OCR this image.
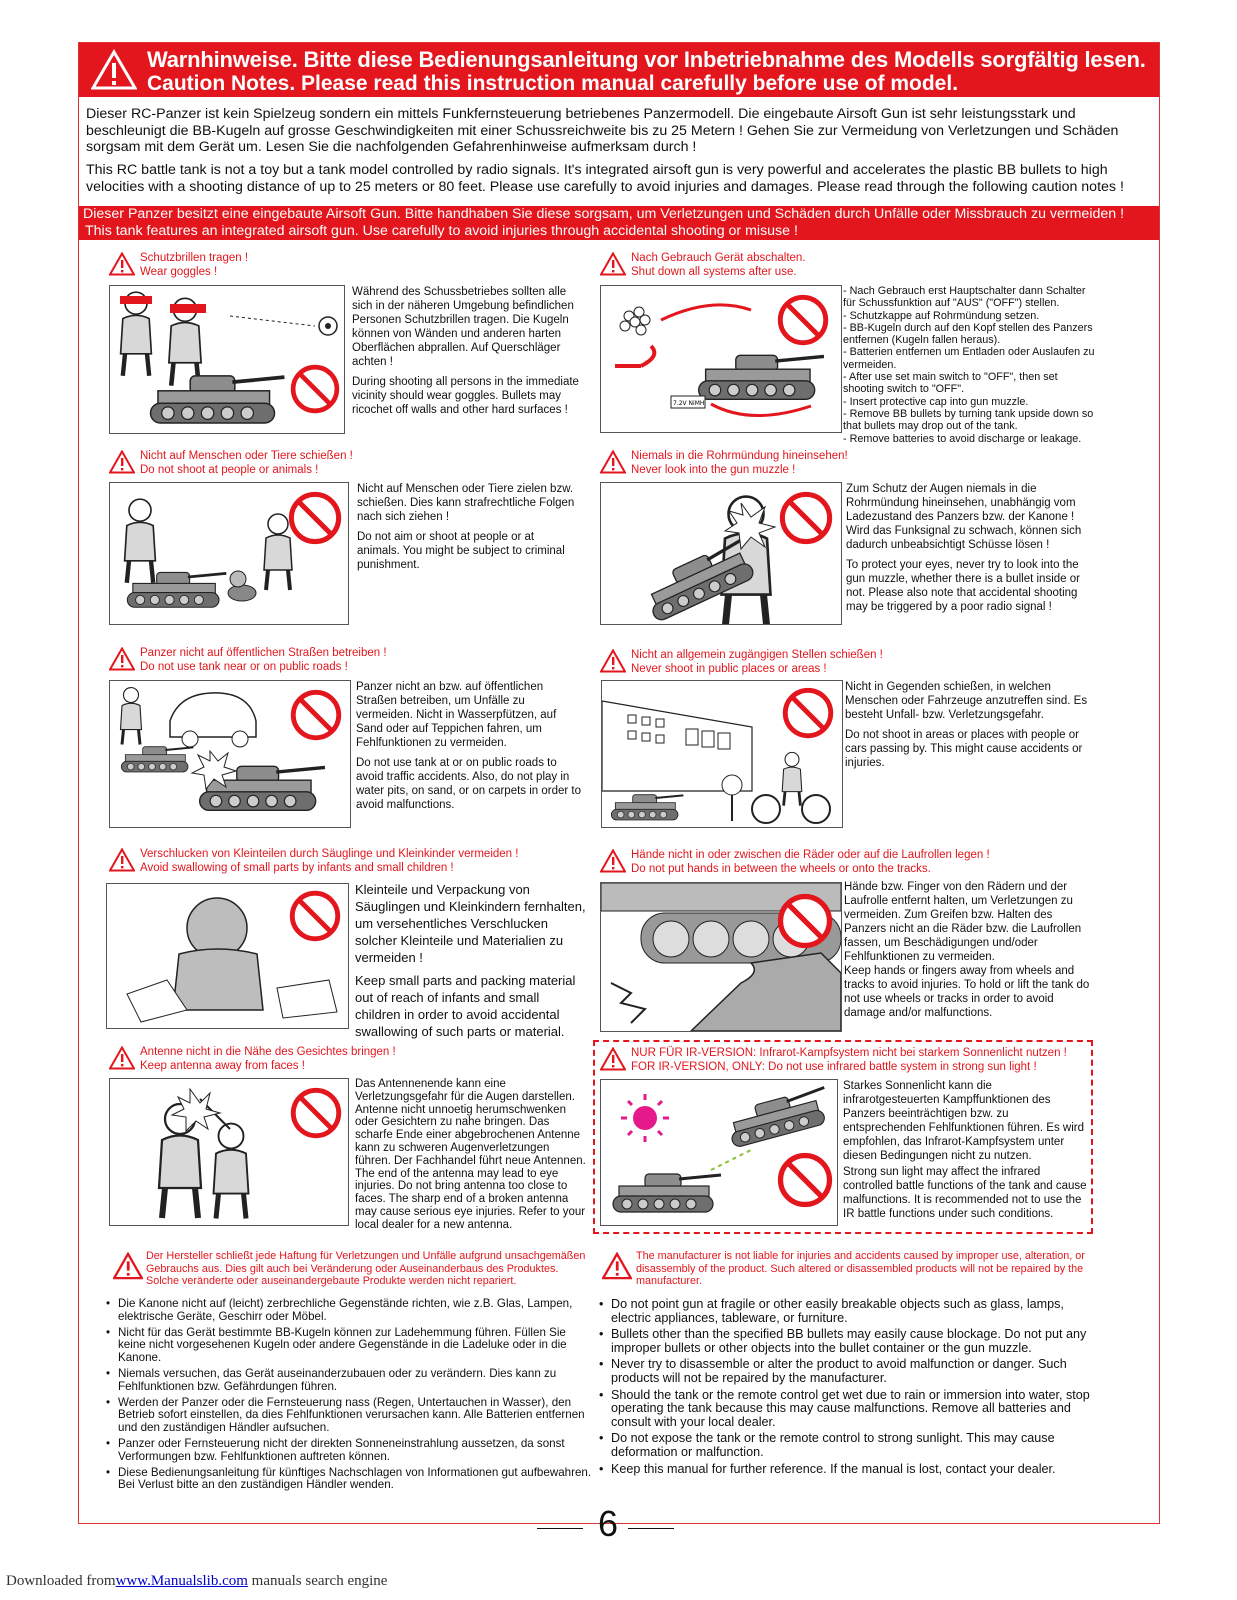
Warnhinweise. Bitte diese Bedienungsanleitung vor Inbetriebnahme des Modells sorgfältig lesen.
Caution Notes. Please read this instruction manual carefully before use of model.
Dieser RC-Panzer ist kein Spielzeug sondern ein mittels Funkfernsteuerung betriebenes Panzermodell. Die eingebaute Airsoft Gun ist sehr leistungsstark und beschleunigt die BB-Kugeln auf grosse Geschwindigkeiten mit einer Schussreichweite bis zu 25 Metern ! Gehen Sie zur Vermeidung von Verletzungen und Schäden sorgsam mit dem Gerät um. Lesen Sie die nachfolgenden Gefahrenhinweise aufmerksam durch !
This RC battle tank is not a toy but a tank model controlled by radio signals. It's integrated airsoft gun is very powerful and accelerates the plastic BB bullets to high velocities with a shooting distance of up to 25 meters or 80 feet. Please use carefully to avoid injuries and damages. Please read through the following caution notes !
Dieser Panzer besitzt eine eingebaute Airsoft Gun. Bitte handhaben Sie diese sorgsam, um Verletzungen und Schäden durch Unfälle oder Missbrauch zu vermeiden !
This tank features an integrated airsoft gun. Use carefully to avoid injuries through accidental shooting or misuse !
Schutzbrillen tragen !
Wear goggles !

Während des Schussbetriebes sollten alle sich in der näheren Umgebung befindlichen Personen Schutzbrillen tragen. Die Kugeln können von Wänden und anderen harten Oberflächen abprallen. Auf Querschläger achten !

During shooting all persons in the immediate vicinity should wear goggles. Bullets may ricochet off walls and other hard surfaces !

Nach Gebrauch Gerät abschalten.
Shut down all systems after use.
7.2V NiMH
- Nach Gebrauch erst Hauptschalter dann Schalter für Schussfunktion auf "AUS" ("OFF") stellen.
- Schutzkappe auf Rohrmündung setzen.
- BB-Kugeln durch auf den Kopf stellen des Panzers entfernen (Kugeln fallen heraus).
- Batterien entfernen um Entladen oder Auslaufen zu vermeiden.
- After use set main switch to "OFF", then set shooting switch to "OFF".
- Insert protective cap into gun muzzle.
- Remove BB bullets by turning tank upside down so that bullets may drop out of the tank.
- Remove batteries to avoid discharge or leakage.
Nicht auf Menschen oder Tiere schießen !
Do not shoot at people or animals !

Nicht auf Menschen oder Tiere zielen bzw. schießen. Dies kann strafrechtliche Folgen nach sich ziehen !

Do not aim or shoot at people or at animals. You might be subject to criminal punishment.

Niemals in die Rohrmündung hineinsehen!
Never look into the gun muzzle !

Zum Schutz der Augen niemals in die Rohrmündung hineinsehen, unabhängig vom Ladezustand des Panzers bzw. der Kanone ! Wird das Funksignal zu schwach, können sich dadurch unbeabsichtigt Schüsse lösen !

To protect your eyes, never try to look into the gun muzzle, whether there is a bullet inside or not. Please also note that accidental shooting may be triggered by a poor radio signal !

Panzer nicht auf öffentlichen Straßen betreiben !
Do not use tank near or on public roads !

Panzer nicht an bzw. auf öffentlichen Straßen betreiben, um Unfälle zu vermeiden. Nicht in Wasserpfützen, auf Sand oder auf Teppichen fahren, um Fehlfunktionen zu vermeiden.

Do not use tank at or on public roads to avoid traffic accidents. Also, do not play in water pits, on sand, or on carpets in order to avoid malfunctions.

Nicht an allgemein zugängigen Stellen schießen !
Never shoot in public places or areas !

Nicht in Gegenden schießen, in welchen Menschen oder Fahrzeuge anzutreffen sind. Es besteht Unfall- bzw. Verletzungsgefahr.

Do not shoot in areas or places with people or cars passing by. This might cause accidents or injuries.

Verschlucken von Kleinteilen durch Säuglinge und Kleinkinder vermeiden !
Avoid swallowing of small parts by infants and small children !

Kleinteile und Verpackung von Säuglingen und Kleinkindern fernhalten, um versehentliches Verschlucken solcher Kleinteile und Materialien zu vermeiden !

Keep small parts and packing material out of reach of infants and small children in order to avoid accidental swallowing of such parts or material.

Hände nicht in oder zwischen die Räder oder auf die Laufrollen legen !
Do not put hands in between the wheels or onto the tracks.

Hände bzw. Finger von den Rädern und der Laufrolle entfernt halten, um Verletzungen zu vermeiden. Zum Greifen bzw. Halten des Panzers nicht an die Räder bzw. die Laufrollen fassen, um Beschädigungen und/oder Fehlfunktionen zu vermeiden.

Keep hands or fingers away from wheels and tracks to avoid injuries. To hold or lift the tank do not use wheels or tracks in order to avoid damage and/or malfunctions.

Antenne nicht in die Nähe des Gesichtes bringen !
Keep antenna away from faces !
Das Antennenende kann eine Verletzungsgefahr für die Augen darstellen. Antenne nicht unnoetig herumschwenken oder Gesichtern zu nahe bringen. Das scharfe Ende einer abgebrochenen Antenne kann zu schweren Augenverletzungen führen. Der Fachhandel führt neue Antennen.
The end of the antenna may lead to eye injuries. Do not bring antenna too close to faces. The sharp end of a broken antenna may cause serious eye injuries. Refer to your local dealer for a new antenna.
NUR FÜR IR-VERSION: Infrarot-Kampfsystem nicht bei starkem Sonnenlicht nutzen !
FOR IR-VERSION, ONLY: Do not use infrared battle system in strong sun light !

Starkes Sonnenlicht kann die infrarotgesteuerten Kampffunktionen des Panzers beeinträchtigen bzw. zu entsprechenden Fehlfunktionen führen. Es wird empfohlen, das Infrarot-Kampfsystem unter diesen Bedingungen nicht zu nutzen.

Strong sun light may affect the infrared controlled battle functions of the tank and cause malfunctions. It is recommended not to use the IR battle functions under such conditions.

Der Hersteller schließt jede Haftung für Verletzungen und Unfälle aufgrund unsachgemäßen Gebrauchs aus. Dies gilt auch bei Veränderung oder Auseinanderbaus des Produktes. Solche veränderte oder auseinandergebaute Produkte werden nicht repariert.
The manufacturer is not liable for injuries and accidents caused by improper use, alteration, or disassembly of the product. Such altered or disassembled products will not be repaired by the manufacturer.
• Die Kanone nicht auf (leicht) zerbrechliche Gegenstände richten, wie z.B. Glas, Lampen, elektrische Geräte, Geschirr oder Möbel.
• Nicht für das Gerät bestimmte BB-Kugeln können zur Ladehemmung führen. Füllen Sie keine nicht vorgesehenen Kugeln oder andere Gegenstände in die Ladeluke oder in die Kanone.
• Niemals versuchen, das Gerät auseinanderzubauen oder zu verändern. Dies kann zu Fehlfunktionen bzw. Gefährdungen führen.
• Werden der Panzer oder die Fernsteuerung nass (Regen, Untertauchen in Wasser), den Betrieb sofort einstellen, da dies Fehlfunktionen verursachen kann. Alle Batterien entfernen und den zuständigen Händler aufsuchen.
• Panzer oder Fernsteuerung nicht der direkten Sonneneinstrahlung aussetzen, da sonst Verformungen bzw. Fehlfunktionen auftreten können.
• Diese Bedienungsanleitung für künftiges Nachschlagen von Informationen gut aufbewahren. Bei Verlust bitte an den zuständigen Händler wenden.
• Do not point gun at fragile or other easily breakable objects such as glass, lamps, electric appliances, tableware, or furniture.
• Bullets other than the specified BB bullets may easily cause blockage. Do not put any improper bullets or other objects into the bullet container or the gun muzzle.
• Never try to disassemble or alter the product to avoid malfunction or danger. Such products will not be repaired by the manufacturer.
• Should the tank or the remote control get wet due to rain or immersion into water, stop operating the tank because this may cause malfunctions. Remove all batteries and consult with your local dealer.
• Do not expose the tank or the remote control to strong sunlight. This may cause deformation or malfunction.
• Keep this manual for further reference. If the manual is lost, contact your dealer.
6
Downloaded fromwww.Manualslib.com manuals search engine
